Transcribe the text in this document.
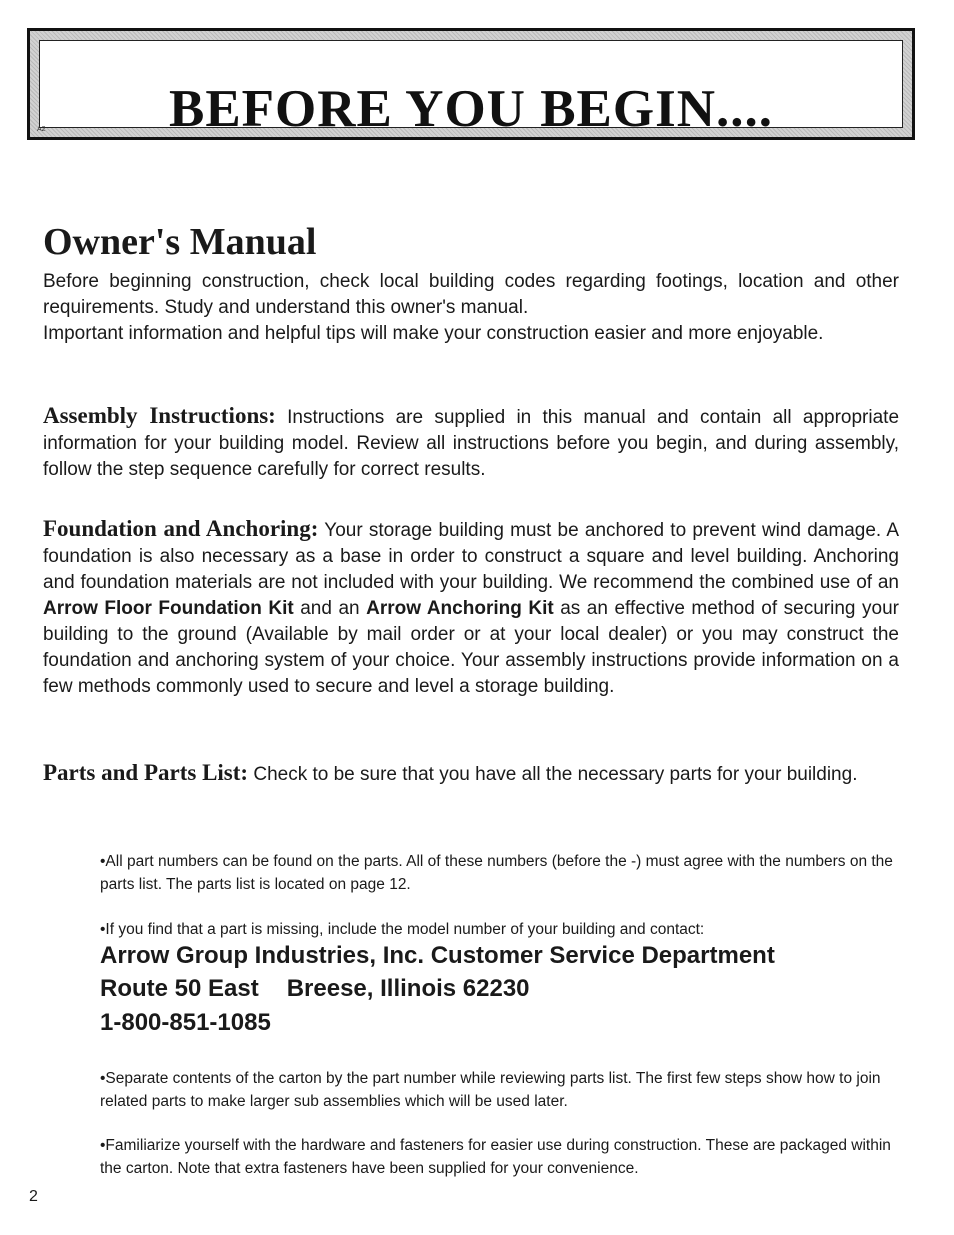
BEFORE YOU BEGIN....
A2
Owner's Manual

Before beginning construction, check local building codes regarding footings, location and other requirements. Study and understand this owner's manual.

Important information and helpful tips will make your construction easier and more enjoyable.

Assembly Instructions: Instructions are supplied in this manual and contain all appropriate information for your building model. Review all instructions before you begin, and during assembly, follow the step sequence carefully for correct results.

Foundation and Anchoring: Your storage building must be anchored to prevent wind damage. A foundation is also necessary as a base in order to construct a square and level building. Anchoring and foundation materials are not included with your building. We recommend the combined use of an Arrow Floor Foundation Kit and an Arrow Anchoring Kit as an effective method of securing your building to the ground (Available by mail order or at your local dealer) or you may construct the foundation and anchoring system of your choice. Your assembly instructions provide information on a few methods commonly used to secure and level a storage building.

Parts and Parts List: Check to be sure that you have all the necessary parts for your building.

•All part numbers can be found on the parts. All of these numbers (before the -) must agree with the numbers on the parts list. The parts list is located on page 12.

•If you find that a part is missing, include the model number of your building and contact:

Arrow Group Industries, Inc. Customer Service Department

Route 50 East Breese, Illinois 62230

1-800-851-1085

•Separate contents of the carton by the part number while reviewing parts list. The first few steps show how to join related parts to make larger sub assemblies which will be used later.

•Familiarize yourself with the hardware and fasteners for easier use during construction. These are packaged within the carton. Note that extra fasteners have been supplied for your convenience.

2
